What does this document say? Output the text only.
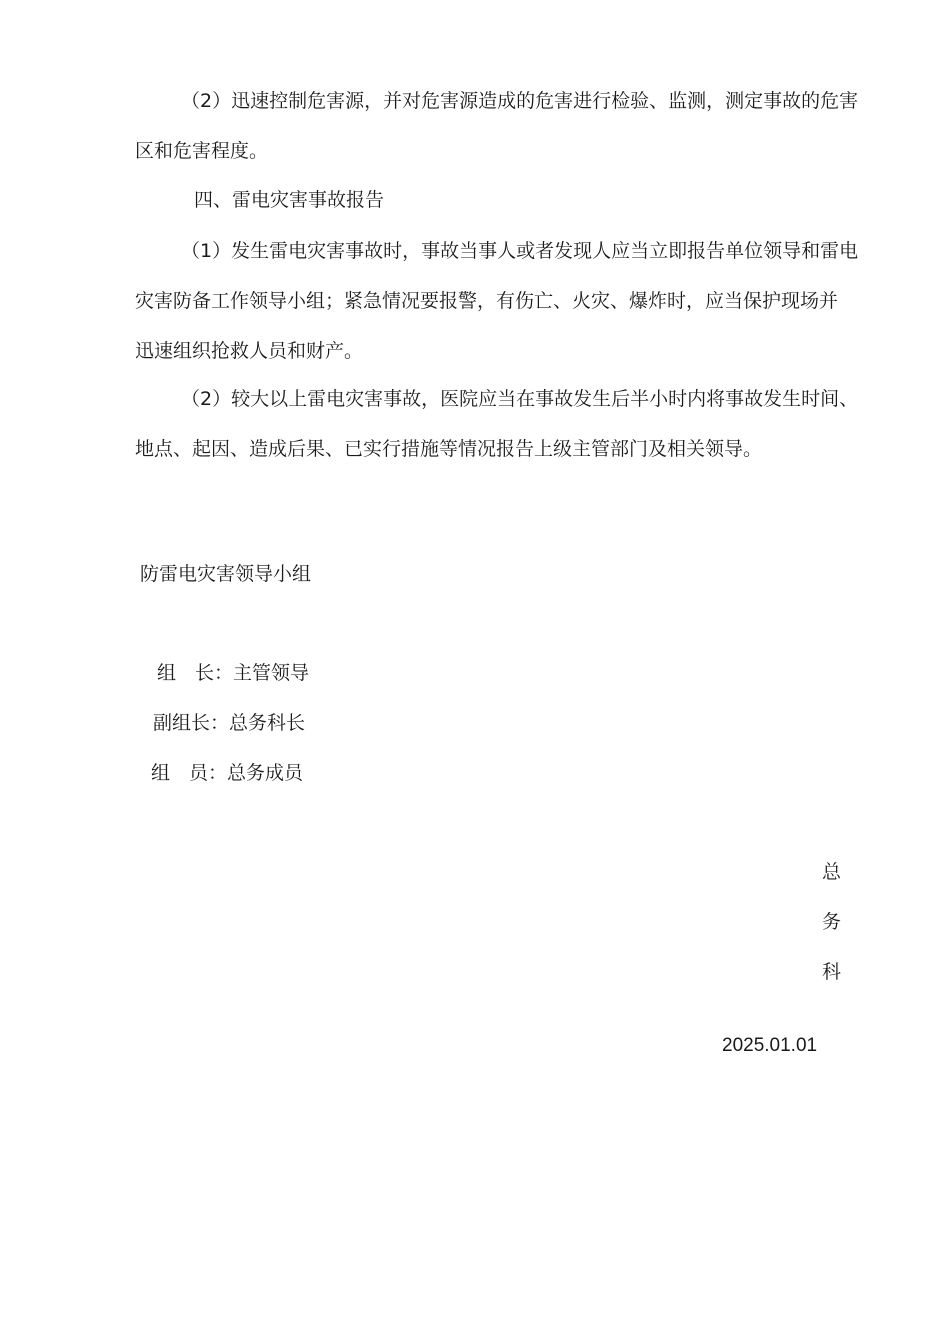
（2）迅速控制危害源，并对危害源造成的危害进行检验、监测，测定事故的危害
区和危害程度。
四、雷电灾害事故报告
（1）发生雷电灾害事故时，事故当事人或者发现人应当立即报告单位领导和雷电
灾害防备工作领导小组；紧急情况要报警，有伤亡、火灾、爆炸时，应当保护现场并
迅速组织抢救人员和财产。
（2）较大以上雷电灾害事故，医院应当在事故发生后半小时内将事故发生时间、
地点、起因、造成后果、已实行措施等情况报告上级主管部门及相关领导。
防雷电灾害领导小组
组　长：主管领导
副组长：总务科长
组　员：总务成员
总
务
科
2025.01.01
